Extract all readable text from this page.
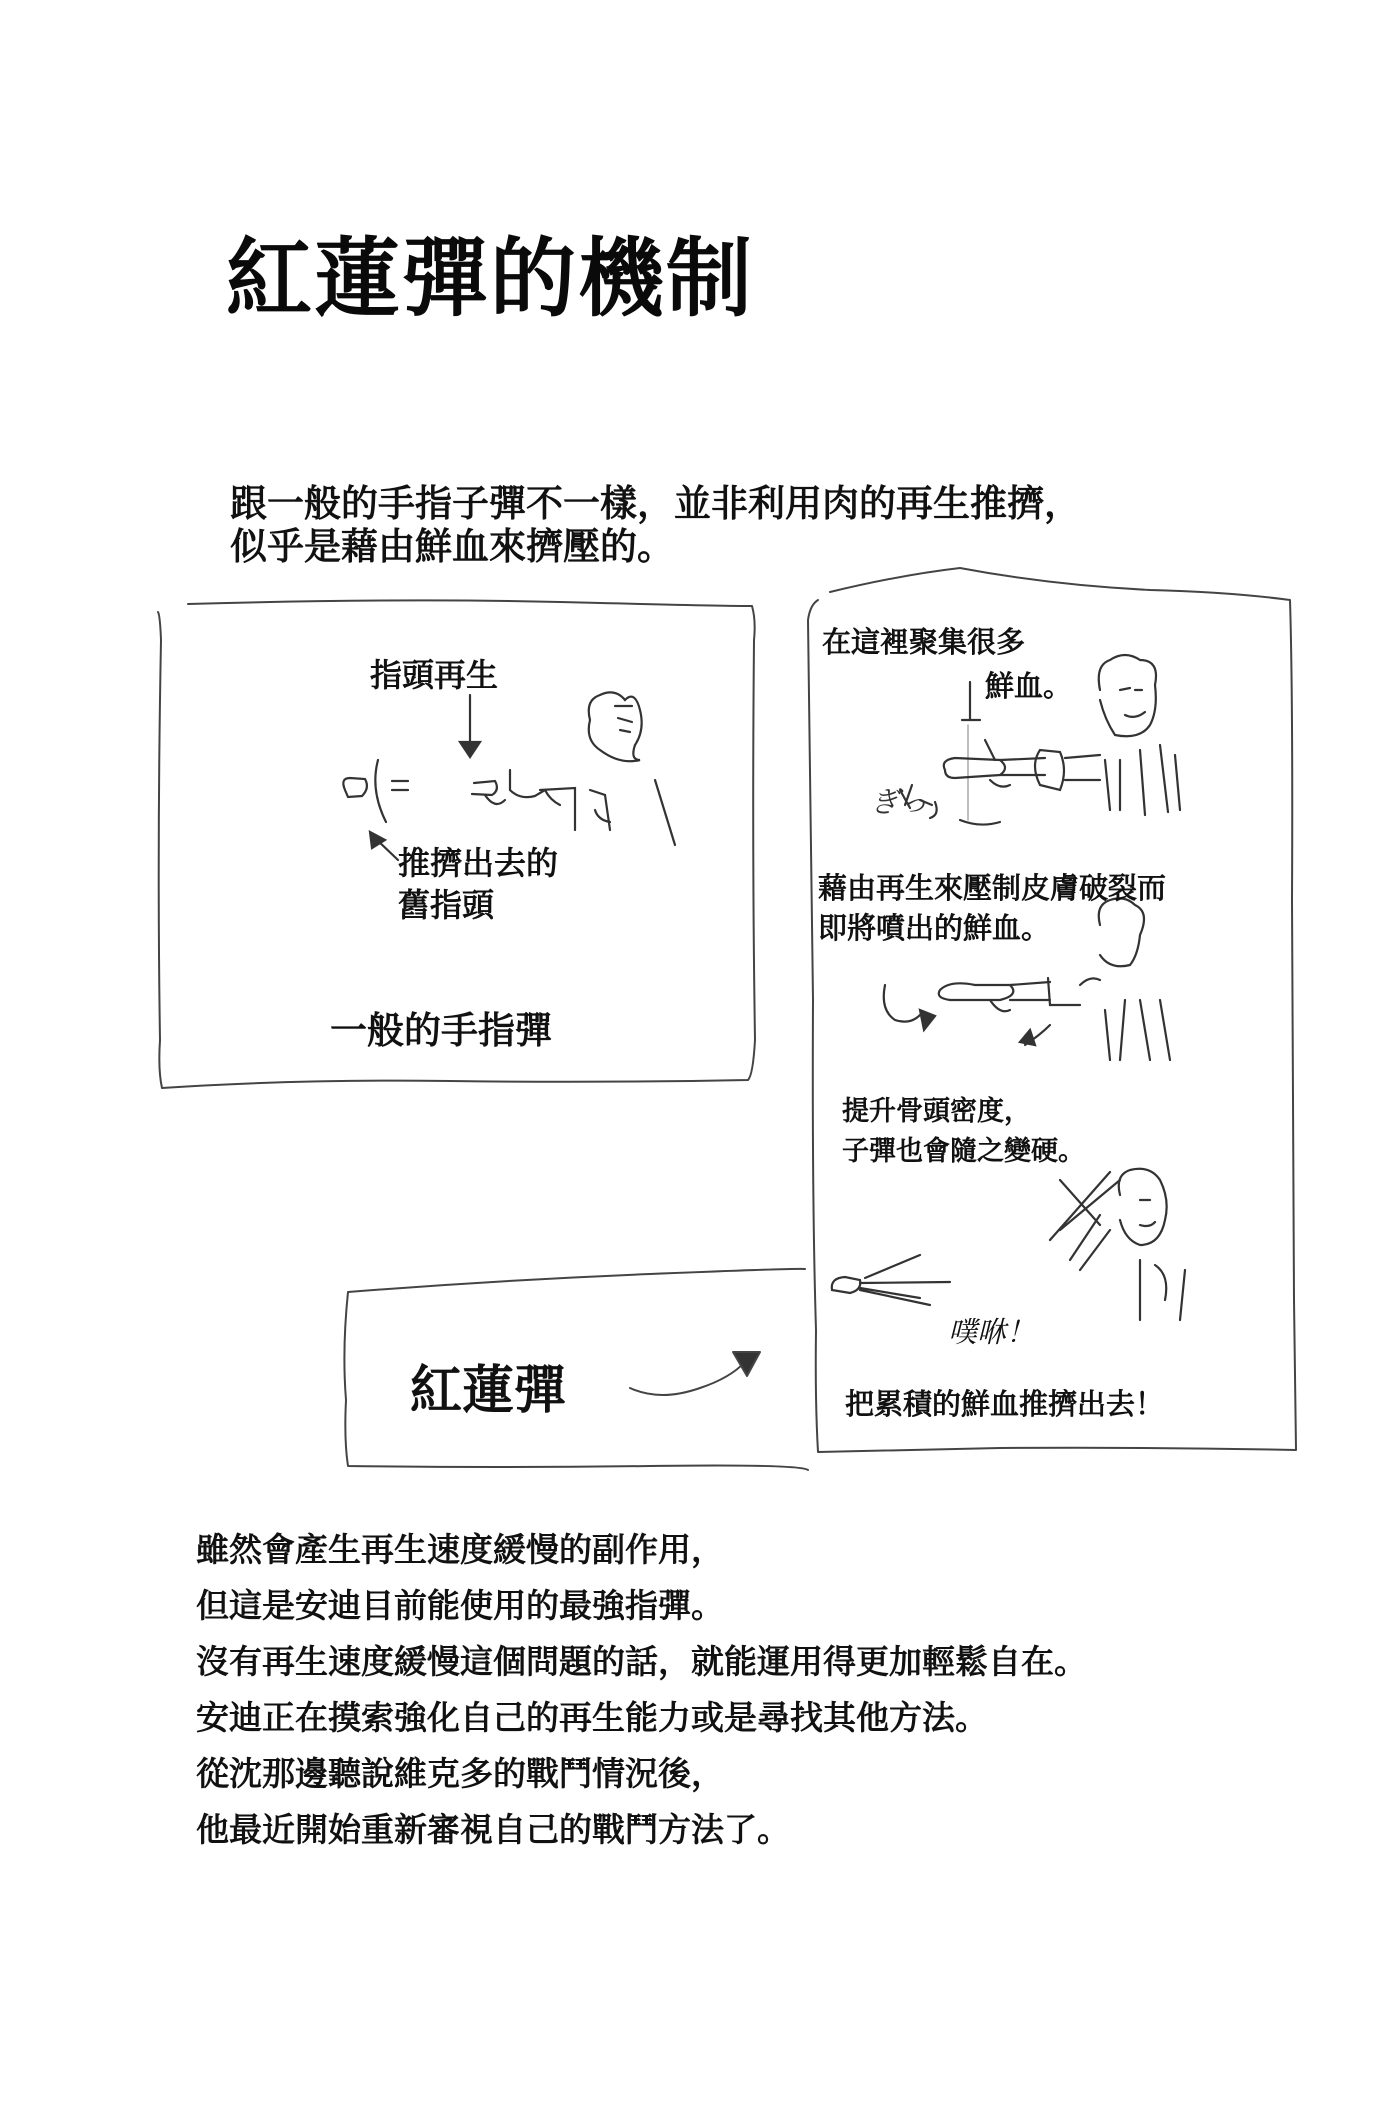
紅蓮彈的機制
跟一般的手指子彈不一樣，並非利用肉的再生推擠，
似乎是藉由鮮血來擠壓的。
指頭再生
推擠出去的
舊指頭
一般的手指彈
在這裡聚集很多
鮮血。
ぎっ
藉由再生來壓制皮膚破裂而
即將噴出的鮮血。
提升骨頭密度，
子彈也會隨之變硬。
噗咻！
把累積的鮮血推擠出去！
紅蓮彈
雖然會產生再生速度緩慢的副作用，
但這是安迪目前能使用的最強指彈。
沒有再生速度緩慢這個問題的話，就能運用得更加輕鬆自在。
安迪正在摸索強化自己的再生能力或是尋找其他方法。
從沈那邊聽說維克多的戰鬥情況後，
他最近開始重新審視自己的戰鬥方法了。
